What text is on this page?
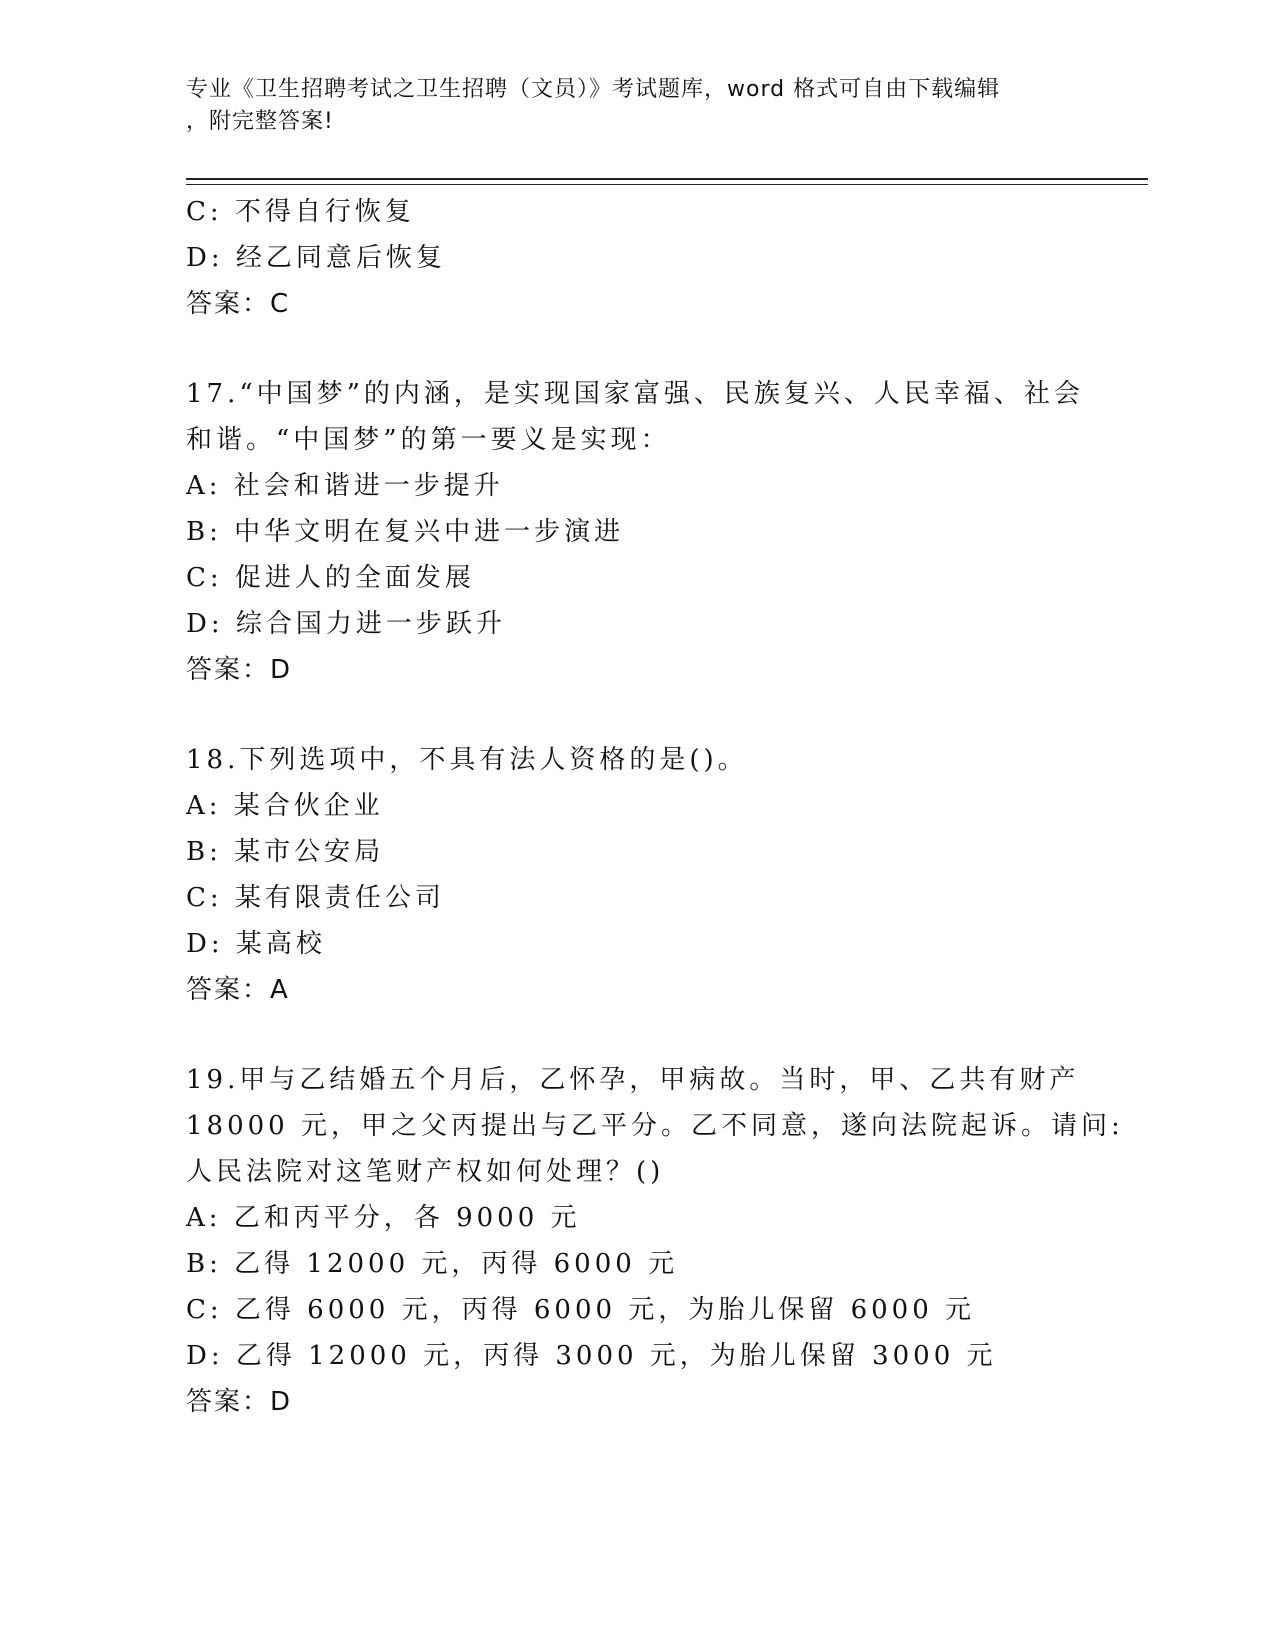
专业《卫生招聘考试之卫生招聘（文员）》考试题库，word 格式可自由下载编辑
，附完整答案!
C: 不得自行恢复
D: 经乙同意后恢复
答案：C
17.“中国梦”的内涵，是实现国家富强、民族复兴、人民幸福、社会
和谐。“中国梦”的第一要义是实现：
A: 社会和谐进一步提升
B: 中华文明在复兴中进一步演进
C: 促进人的全面发展
D: 综合国力进一步跃升
答案：D
18.下列选项中，不具有法人资格的是()。
A: 某合伙企业
B: 某市公安局
C: 某有限责任公司
D: 某高校
答案：A
19.甲与乙结婚五个月后，乙怀孕，甲病故。当时，甲、乙共有财产
18000 元，甲之父丙提出与乙平分。乙不同意，遂向法院起诉。请问:
人民法院对这笔财产权如何处理？()
A: 乙和丙平分，各 9000 元
B: 乙得 12000 元，丙得 6000 元
C: 乙得 6000 元，丙得 6000 元，为胎儿保留 6000 元
D: 乙得 12000 元，丙得 3000 元，为胎儿保留 3000 元
答案：D
